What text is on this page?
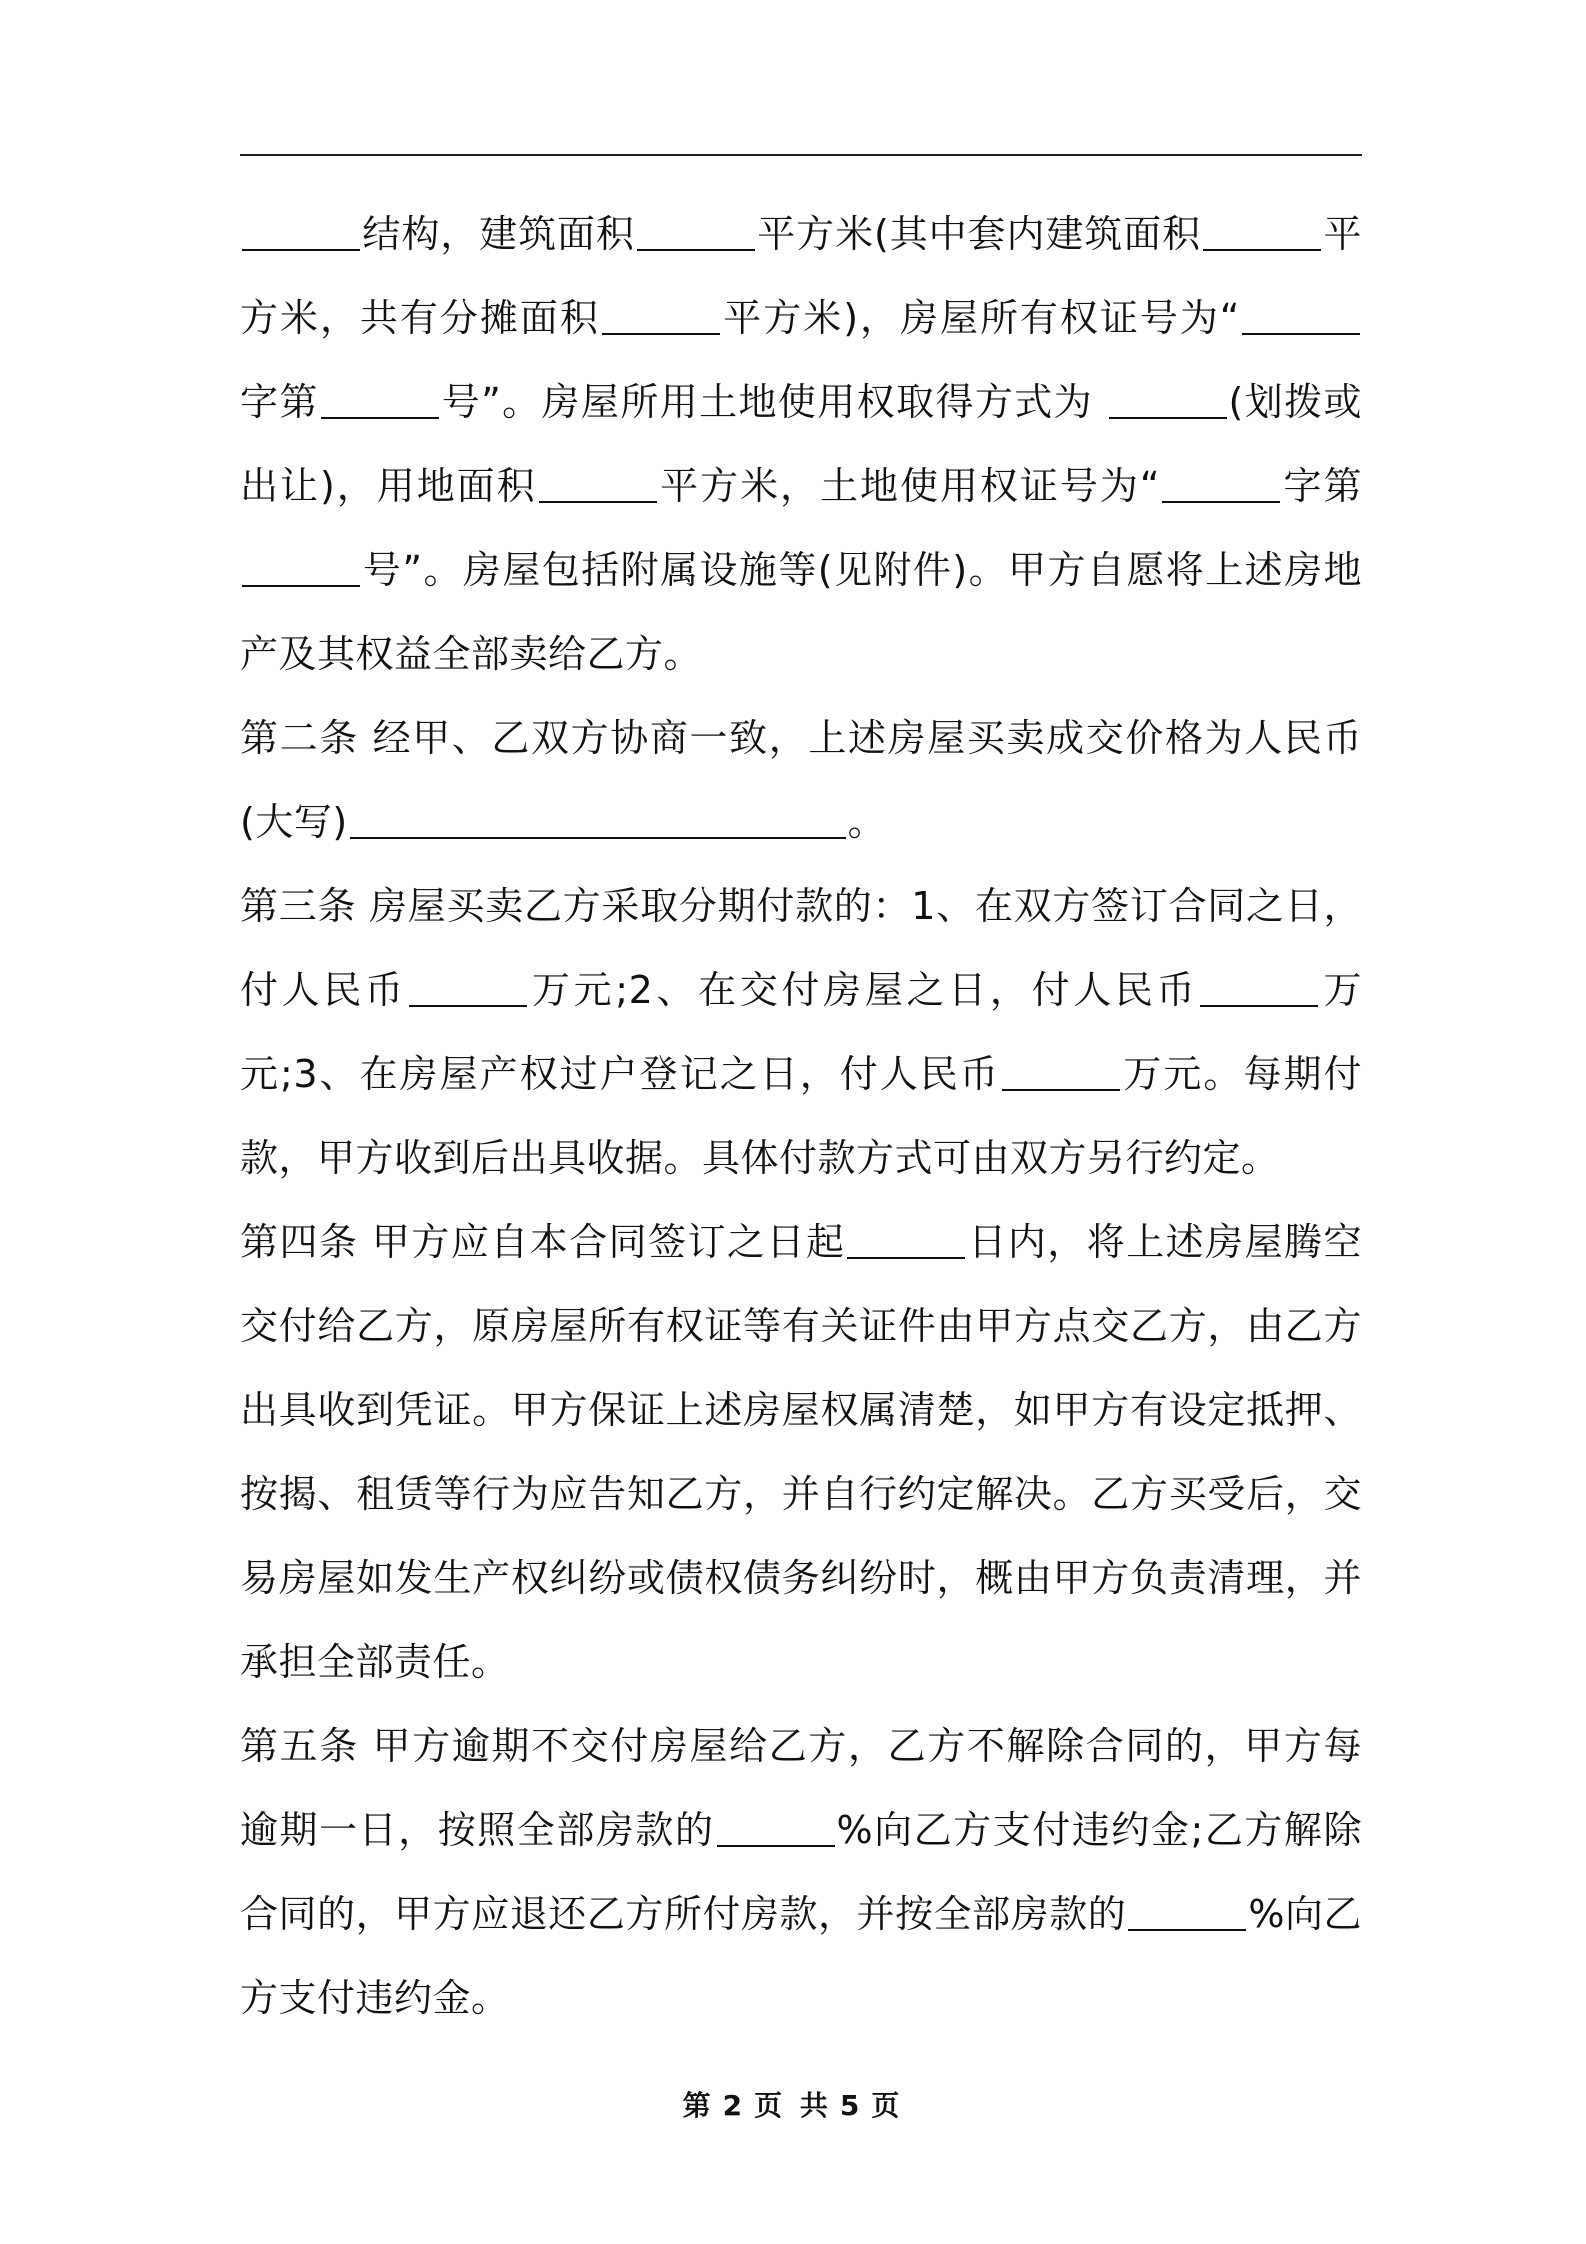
结构，建筑面积	平方米(其中套内建筑面积	平方米，共有分摊面积	平方米)，房屋所有权证号为“字第	号”。房屋所用土地使用权取得方式为	(划拨或出让)，用地面积	平方米，土地使用权证号为“	字第号”。房屋包括附属设施等(见附件)。甲方自愿将上述房地产及其权益全部卖给乙方。

第二条 经甲、乙双方协商一致，上述房屋买卖成交价格为人民币(大写)	。

第三条 房屋买卖乙方采取分期付款的：1、在双方签订合同之日，付人民币	万元;2、在交付房屋之日，付人民币	万元;3、在房屋产权过户登记之日，付人民币	万元。每期付款，甲方收到后出具收据。具体付款方式可由双方另行约定。

第四条 甲方应自本合同签订之日起	日内，将上述房屋腾空交付给乙方，原房屋所有权证等有关证件由甲方点交乙方，由乙方出具收到凭证。甲方保证上述房屋权属清楚，如甲方有设定抵押、按揭、租赁等行为应告知乙方，并自行约定解决。乙方买受后，交易房屋如发生产权纠纷或债权债务纠纷时，概由甲方负责清理，并承担全部责任。

第五条 甲方逾期不交付房屋给乙方，乙方不解除合同的，甲方每逾期一日，按照全部房款的	%向乙方支付违约金;乙方解除合同的，甲方应退还乙方所付房款，并按全部房款的	%向乙方支付违约金。

第 2 页 共 5 页
